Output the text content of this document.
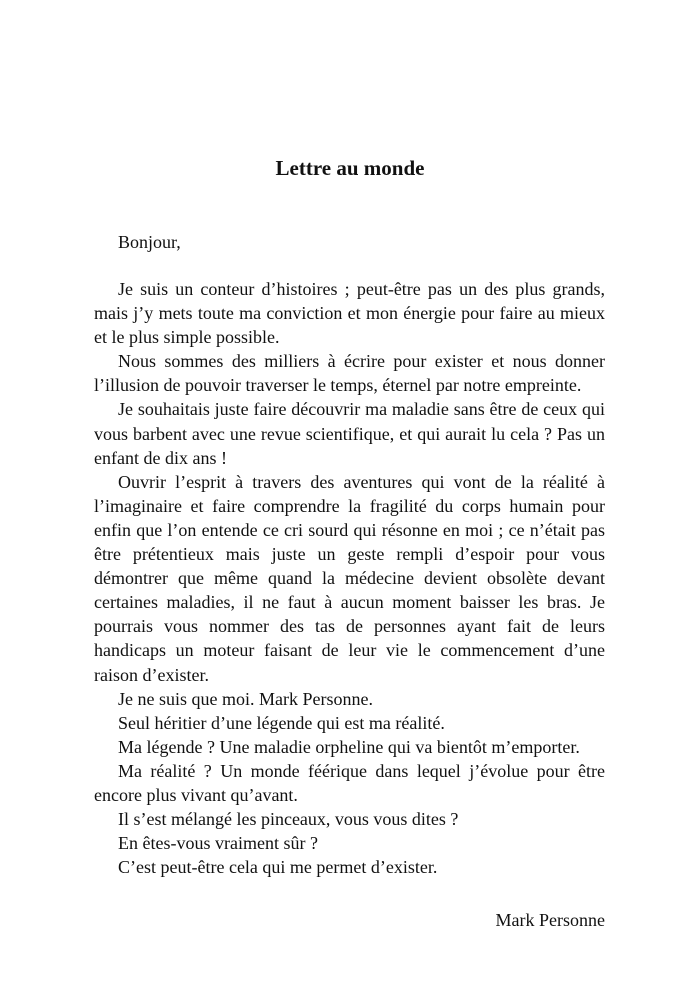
Lettre au monde
Bonjour,

Je suis un conteur d’histoires ; peut-être pas un des plus grands, mais j’y mets toute ma conviction et mon énergie pour faire au mieux et le plus simple possible.

Nous sommes des milliers à écrire pour exister et nous donner l’illusion de pouvoir traverser le temps, éternel par notre empreinte.

Je souhaitais juste faire découvrir ma maladie sans être de ceux qui vous barbent avec une revue scientifique, et qui aurait lu cela ? Pas un enfant de dix ans !

Ouvrir l’esprit à travers des aventures qui vont de la réalité à l’imaginaire et faire comprendre la fragilité du corps humain pour enfin que l’on entende ce cri sourd qui résonne en moi ; ce n’était pas être prétentieux mais juste un geste rempli d’espoir pour vous démontrer que même quand la médecine devient obsolète devant certaines maladies, il ne faut à aucun moment baisser les bras. Je pourrais vous nommer des tas de personnes ayant fait de leurs handicaps un moteur faisant de leur vie le commencement d’une raison d’exister.

Je ne suis que moi. Mark Personne.

Seul héritier d’une légende qui est ma réalité.

Ma légende ? Une maladie orpheline qui va bientôt m’emporter.

Ma réalité ? Un monde féérique dans lequel j’évolue pour être encore plus vivant qu’avant.

Il s’est mélangé les pinceaux, vous vous dites ?

En êtes-vous vraiment sûr ?

C’est peut-être cela qui me permet d’exister.

Mark Personne
